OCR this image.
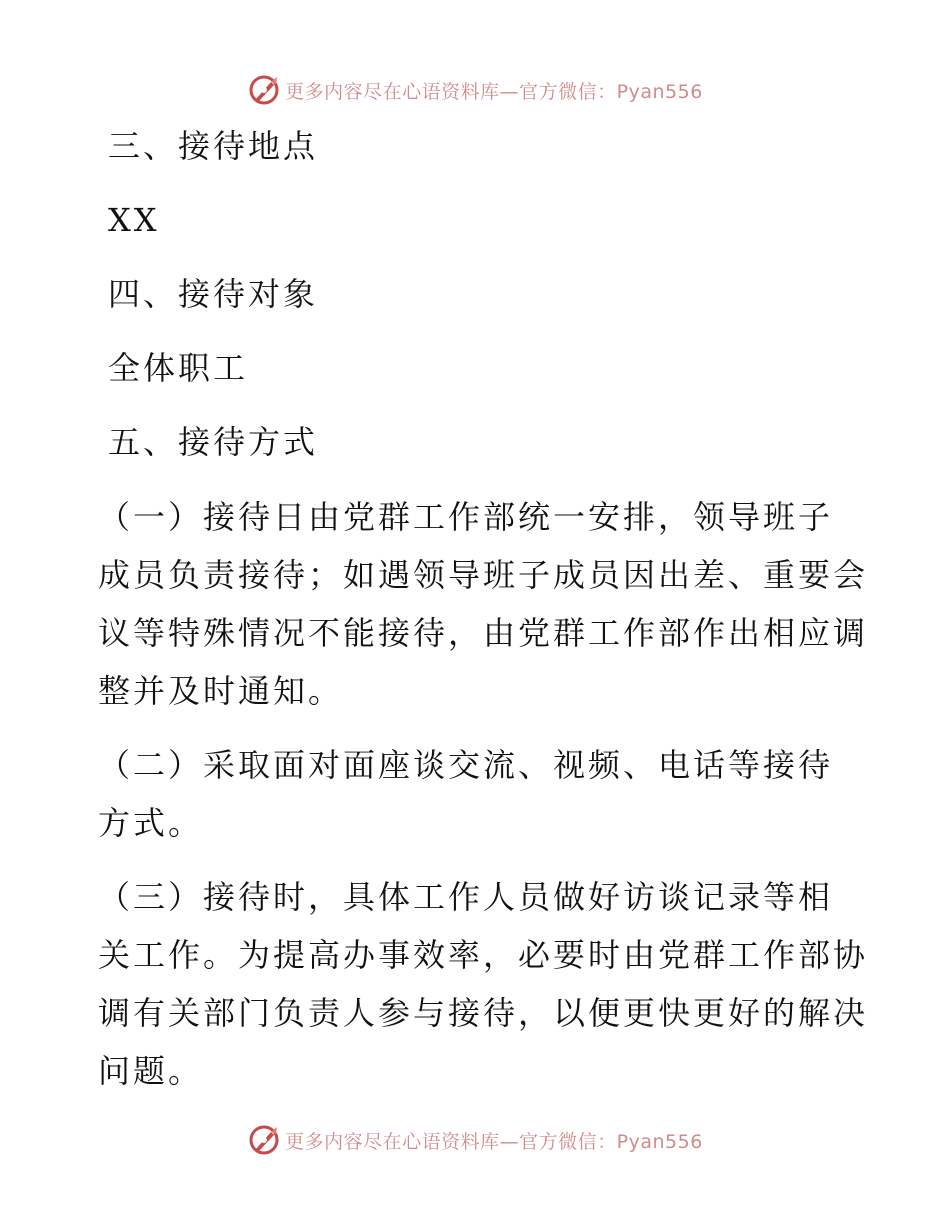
更多内容尽在心语资料库—官方微信：Pyan556
三、接待地点
XX
四、接待对象
全体职工
五、接待方式
（一）接待日由党群工作部统一安排，领导班子
成员负责接待；如遇领导班子成员因出差、重要会
议等特殊情况不能接待，由党群工作部作出相应调
整并及时通知。
（二）采取面对面座谈交流、视频、电话等接待
方式。
（三）接待时，具体工作人员做好访谈记录等相
关工作。为提高办事效率，必要时由党群工作部协
调有关部门负责人参与接待，以便更快更好的解决
问题。
更多内容尽在心语资料库—官方微信：Pyan556
